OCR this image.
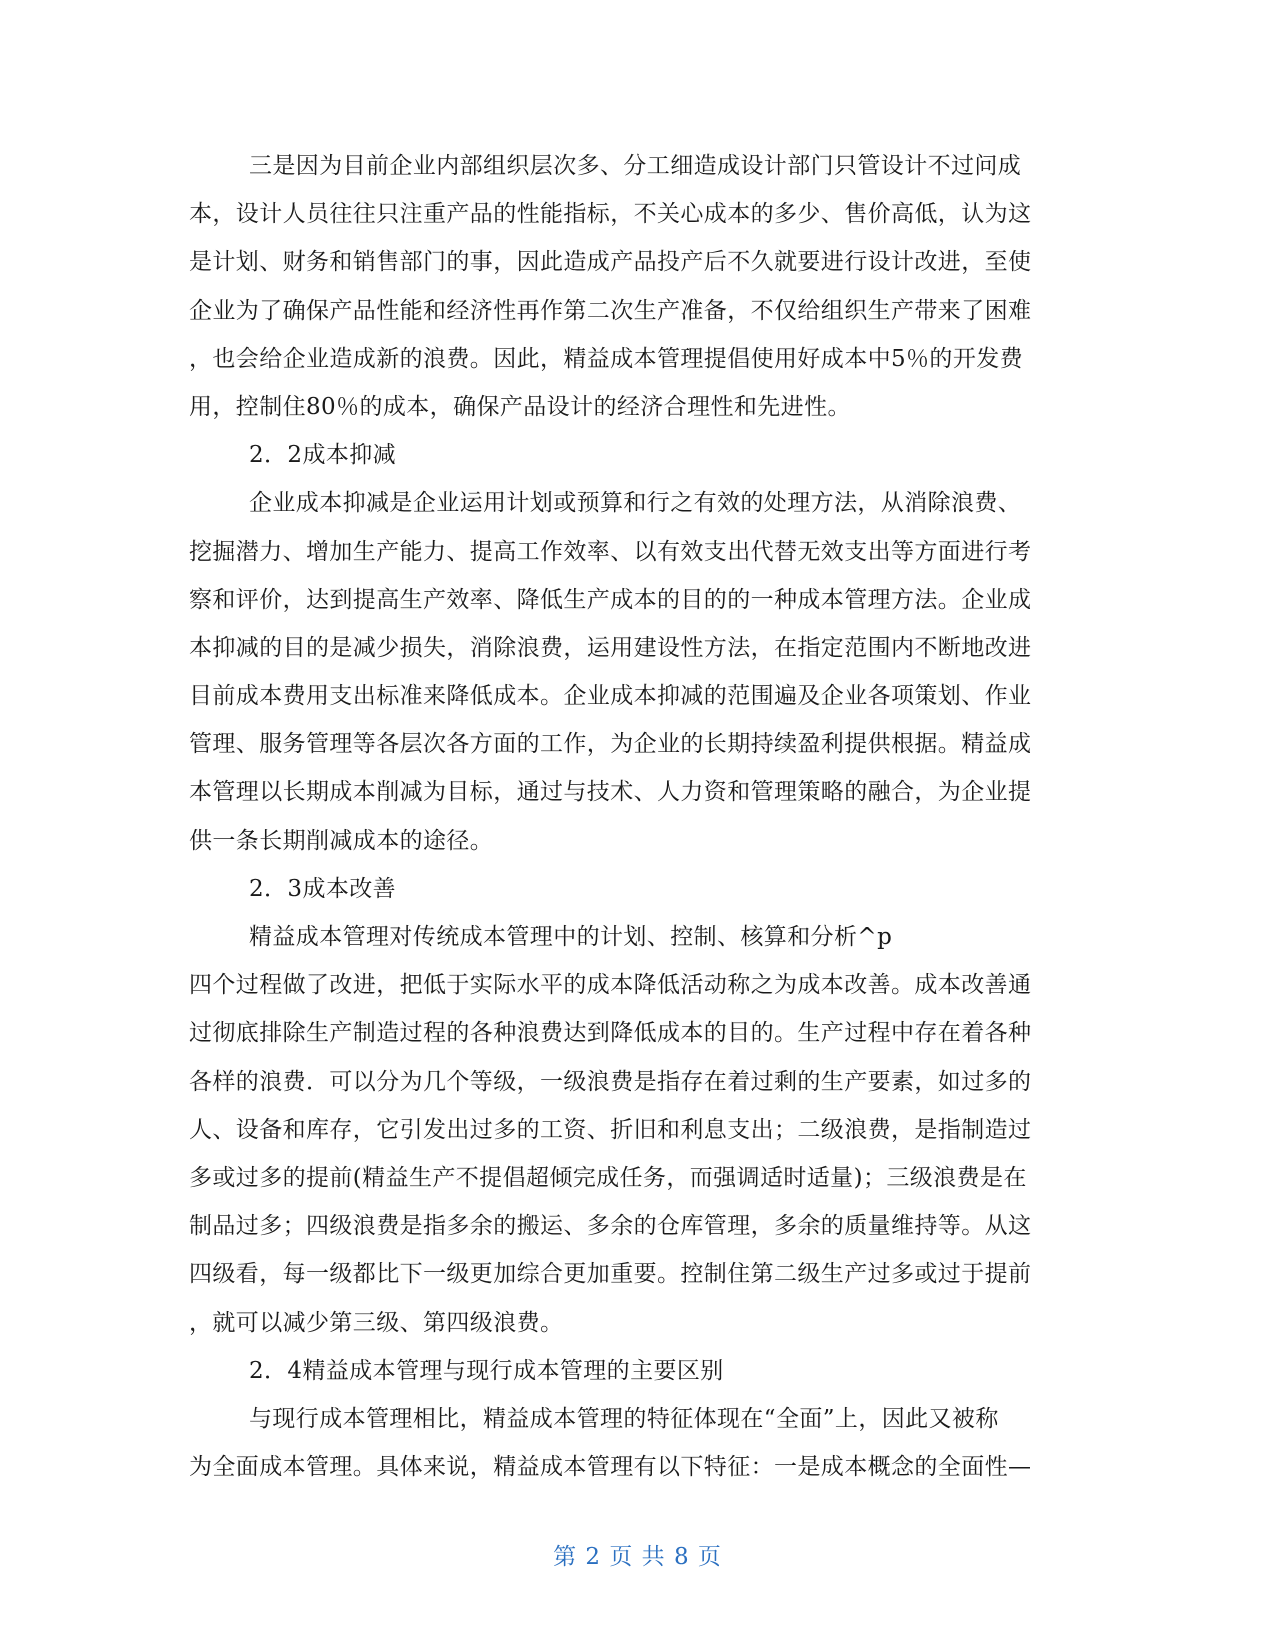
三是因为目前企业内部组织层次多、分工细造成设计部门只管设计不过问成
本，设计人员往往只注重产品的性能指标，不关心成本的多少、售价高低，认为这
是计划、财务和销售部门的事，因此造成产品投产后不久就要进行设计改进，至使
企业为了确保产品性能和经济性再作第二次生产准备，不仅给组织生产带来了困难
，也会给企业造成新的浪费。因此，精益成本管理提倡使用好成本中5％的开发费
用，控制住80％的成本，确保产品设计的经济合理性和先进性。
2．2成本抑减
企业成本抑减是企业运用计划或预算和行之有效的处理方法，从消除浪费、
挖掘潜力、增加生产能力、提高工作效率、以有效支出代替无效支出等方面进行考
察和评价，达到提高生产效率、降低生产成本的目的的一种成本管理方法。企业成
本抑减的目的是减少损失，消除浪费，运用建设性方法，在指定范围内不断地改进
目前成本费用支出标准来降低成本。企业成本抑减的范围遍及企业各项策划、作业
管理、服务管理等各层次各方面的工作，为企业的长期持续盈利提供根据。精益成
本管理以长期成本削减为目标，通过与技术、人力资和管理策略的融合，为企业提
供一条长期削减成本的途径。
2．3成本改善
精益成本管理对传统成本管理中的计划、控制、核算和分析^p
四个过程做了改进，把低于实际水平的成本降低活动称之为成本改善。成本改善通
过彻底排除生产制造过程的各种浪费达到降低成本的目的。生产过程中存在着各种
各样的浪费．可以分为几个等级，一级浪费是指存在着过剩的生产要素，如过多的
人、设备和库存，它引发出过多的工资、折旧和利息支出；二级浪费，是指制造过
多或过多的提前(精益生产不提倡超倾完成任务，而强调适时适量)；三级浪费是在
制品过多；四级浪费是指多余的搬运、多余的仓库管理，多余的质量维持等。从这
四级看，每一级都比下一级更加综合更加重要。控制住第二级生产过多或过于提前
，就可以减少第三级、第四级浪费。
2．4精益成本管理与现行成本管理的主要区别
与现行成本管理相比，精益成本管理的特征体现在“全面”上，因此又被称
为全面成本管理。具体来说，精益成本管理有以下特征：一是成本概念的全面性—
第 2 页 共 8 页
